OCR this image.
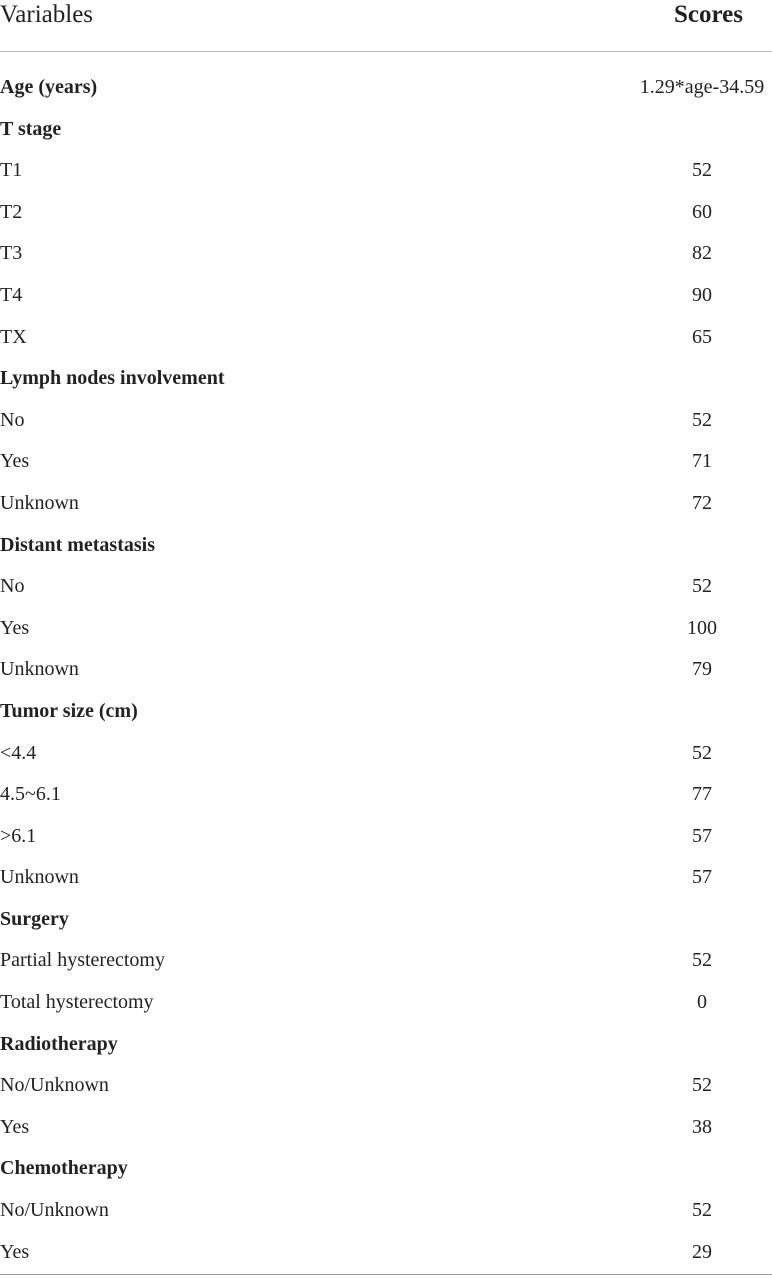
Variables	Scores
Age (years)	1.29*age-34.59
T stage
T1	52
T2	60
T3	82
T4	90
TX	65
Lymph nodes involvement
No	52
Yes	71
Unknown	72
Distant metastasis
No	52
Yes	100
Unknown	79
Tumor size (cm)
<4.4	52
4.5~6.1	77
>6.1	57
Unknown	57
Surgery
Partial hysterectomy	52
Total hysterectomy	0
Radiotherapy
No/Unknown	52
Yes	38
Chemotherapy
No/Unknown	52
Yes	29
